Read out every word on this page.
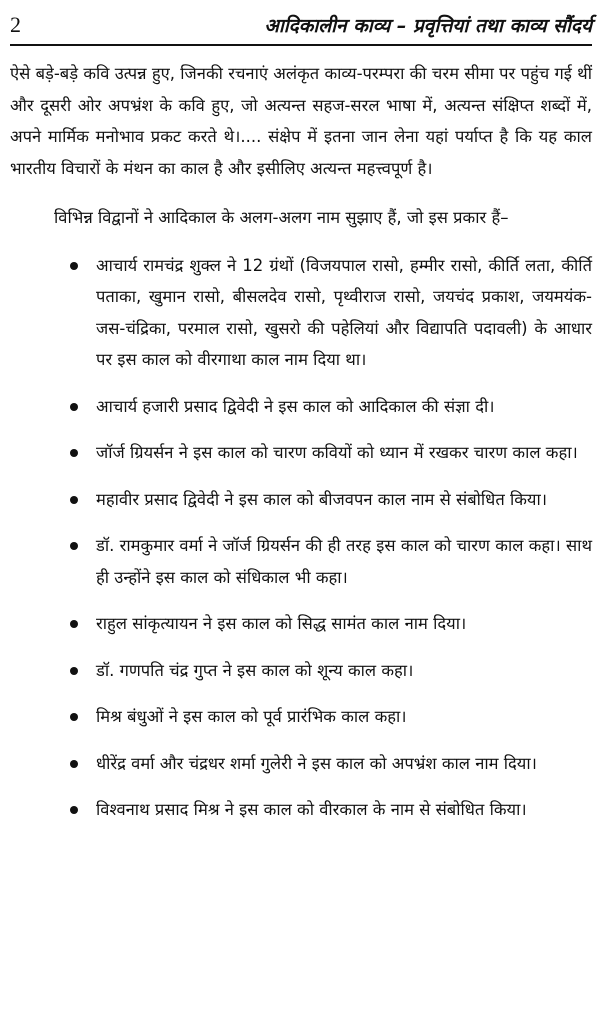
2	आदिकालीन काव्य – प्रवृत्तियां तथा काव्य सौंदर्य

ऐसे बड़े-बड़े कवि उत्पन्न हुए, जिनकी रचनाएं अलंकृत काव्य-परम्परा की चरम सीमा पर पहुंच गई थीं और दूसरी ओर अपभ्रंश के कवि हुए, जो अत्यन्त सहज-सरल भाषा में, अत्यन्त संक्षिप्त शब्दों में, अपने मार्मिक मनोभाव प्रकट करते थे।.... संक्षेप में इतना जान लेना यहां पर्याप्त है कि यह काल भारतीय विचारों के मंथन का काल है और इसीलिए अत्यन्त महत्त्वपूर्ण है।

विभिन्न विद्वानों ने आदिकाल के अलग-अलग नाम सुझाए हैं, जो इस प्रकार हैं–

आचार्य रामचंद्र शुक्ल ने 12 ग्रंथों (विजयपाल रासो, हम्मीर रासो, कीर्ति लता, कीर्ति पताका, खुमान रासो, बीसलदेव रासो, पृथ्वीराज रासो, जयचंद प्रकाश, जयमयंक-जस-चंद्रिका, परमाल रासो, खुसरो की पहेलियां और विद्यापति पदावली) के आधार पर इस काल को वीरगाथा काल नाम दिया था।
आचार्य हजारी प्रसाद द्विवेदी ने इस काल को आदिकाल की संज्ञा दी।
जॉर्ज ग्रियर्सन ने इस काल को चारण कवियों को ध्यान में रखकर चारण काल कहा।
महावीर प्रसाद द्विवेदी ने इस काल को बीजवपन काल नाम से संबोधित किया।
डॉ. रामकुमार वर्मा ने जॉर्ज ग्रियर्सन की ही तरह इस काल को चारण काल कहा। साथ ही उन्होंने इस काल को संधिकाल भी कहा।
राहुल सांकृत्यायन ने इस काल को सिद्ध सामंत काल नाम दिया।
डॉ. गणपति चंद्र गुप्त ने इस काल को शून्य काल कहा।
मिश्र बंधुओं ने इस काल को पूर्व प्रारंभिक काल कहा।
धीरेंद्र वर्मा और चंद्रधर शर्मा गुलेरी ने इस काल को अपभ्रंश काल नाम दिया।
विश्वनाथ प्रसाद मिश्र ने इस काल को वीरकाल के नाम से संबोधित किया।
